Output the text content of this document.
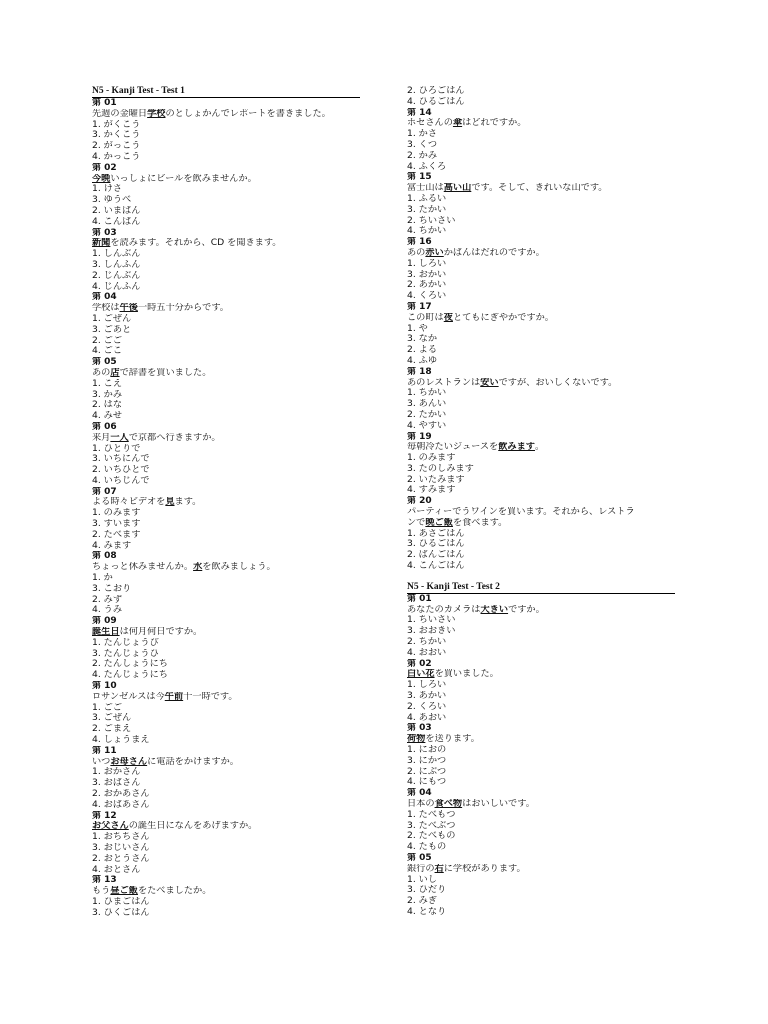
N5 - Kanji Test - Test 1
第 01
先週の金曜日学校のとしょかんでレポートを書きました。
1. がくこう
3. かくこう
2. がっこう
4. かっこう
第 02
今晩いっしょにビールを飲みませんか。
1. けさ
3. ゆうべ
2. いまばん
4. こんばん
第 03
新聞を読みます。それから、CD を聞きます。
1. しんぶん
3. しんふん
2. じんぶん
4. じんふん
第 04
学校は午後一時五十分からです。
1. ごぜん
3. ごあと
2. ごご
4. ごこ
第 05
あの店で辞書を買いました。
1. こえ
3. かみ
2. はな
4. みせ
第 06
来月一人で京都へ行きますか。
1. ひとりで
3. いちにんで
2. いちひとで
4. いちじんで
第 07
よる時々ビデオを見ます。
1. のみます
3. すいます
2. たべます
4. みます
第 08
ちょっと休みませんか。水を飲みましょう。
1. か
3. こおり
2. みず
4. うみ
第 09
誕生日は何月何日ですか。
1. たんじょうび
3. たんじょうひ
2. たんしょうにち
4. たんじょうにち
第 10
ロサンゼルスは今午前十一時です。
1. ごご
3. ごぜん
2. ごまえ
4. しょうまえ
第 11
いつお母さんに電話をかけますか。
1. おかさん
3. おばさん
2. おかあさん
4. おばあさん
第 12
お父さんの誕生日になんをあげますか。
1. おちちさん
3. おじいさん
2. おとうさん
4. おとさん
第 13
もう昼ご飯をたべましたか。
1. ひまごはん
3. ひくごはん
2. ひろごはん
4. ひるごはん
第 14
ホセさんの傘はどれですか。
1. かさ
3. くつ
2. かみ
4. ふくろ
第 15
富士山は高い山です。そして、きれいな山です。
1. ふるい
3. たかい
2. ちいさい
4. ちかい
第 16
あの赤いかばんはだれのですか。
1. しろい
3. おかい
2. あかい
4. くろい
第 17
この町は夜とてもにぎやかですか。
1. や
3. なか
2. よる
4. ふゆ
第 18
あのレストランは安いですが、おいしくないです。
1. ちかい
3. あんい
2. たかい
4. やすい
第 19
毎朝冷たいジュースを飲みます。
1. のみます
3. たのしみます
2. いたみます
4. すみます
第 20
パーティーでうワインを買います。それから、レストラ
ンで晩ご飯を食べます。
1. あさごはん
3. ひるごはん
2. ばんごはん
4. こんごはん
N5 - Kanji Test - Test 2
第 01
あなたのカメラは大きいですか。
1. ちいさい
3. おおきい
2. ちかい
4. おおい
第 02
白い花を買いました。
1. しろい
3. あかい
2. くろい
4. あおい
第 03
荷物を送ります。
1. におの
3. にかつ
2. にぶつ
4. にもつ
第 04
日本の食べ物はおいしいです。
1. たべもつ
3. たべぶつ
2. たべもの
4. たもの
第 05
銀行の右に学校があります。
1. いし
3. ひだり
2. みぎ
4. となり
